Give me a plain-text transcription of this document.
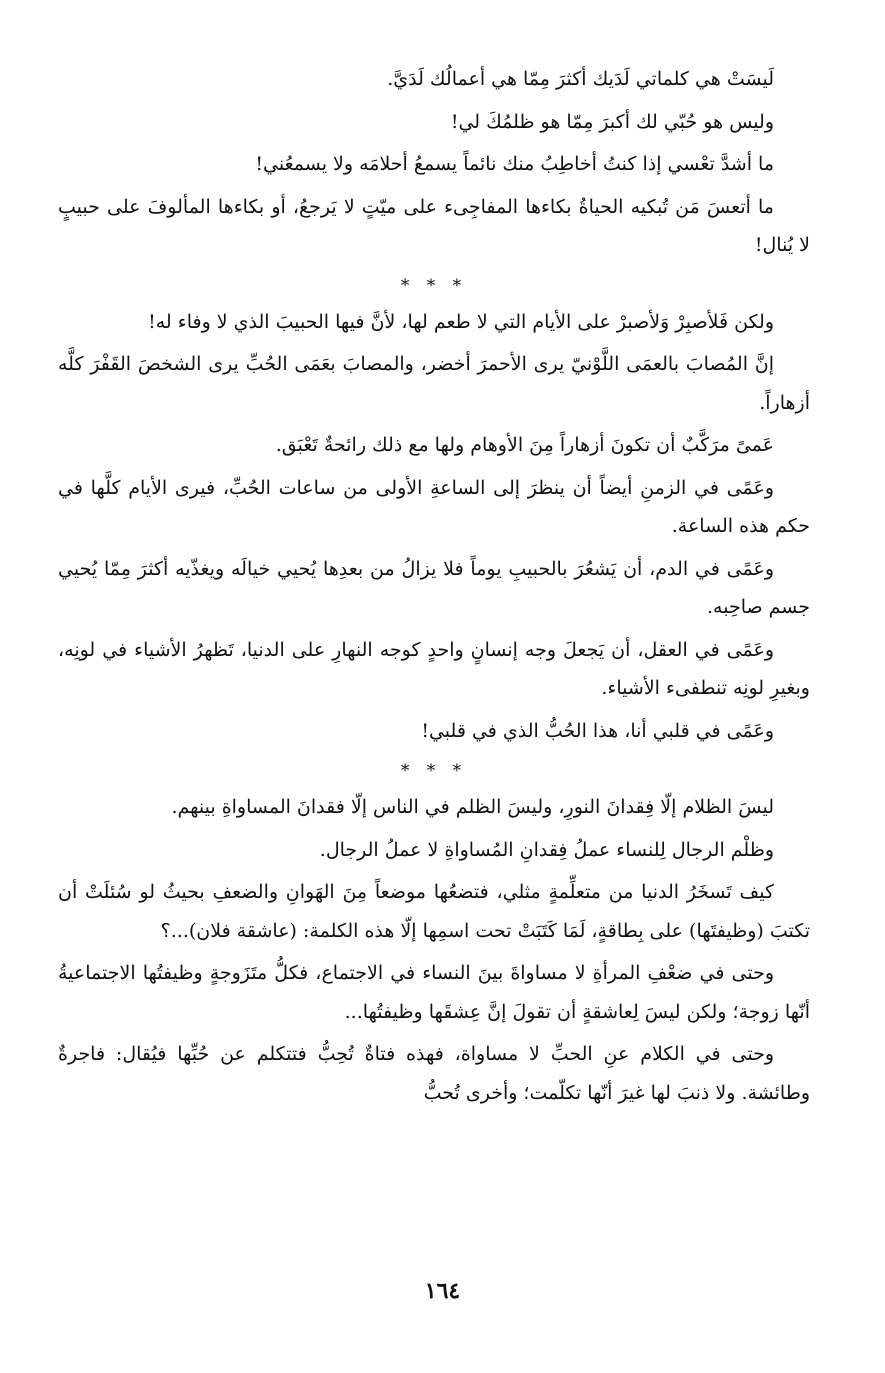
لَيسَتْ هي كلماتي لَدَيك أكثرَ مِمّا هي أعمالُك لَدَيَّ.

وليس هو حُبّي لك أكبرَ مِمّا هو ظلمُكَ لي!

ما أشدَّ تعْسي إذا كنتُ أخاطِبُ منك نائماً يسمعُ أحلامَه ولا يسمعُني!

ما أتعسَ مَن تُبكيه الحياةُ بكاءها المفاجِىء على ميّتٍ لا يَرجعُ، أو بكاءها المألوفَ على حبيبٍ لا يُنال!

* * *

ولكن فَلأصبِرْ وَلأصبرْ على الأيام التي لا طعم لها، لأنَّ فيها الحبيبَ الذي لا وفاء له!

إنَّ المُصابَ بالعمَى اللَّوْنيّ يرى الأحمرَ أخضر، والمصابَ بعَمَى الحُبِّ يرى الشخصَ القَفْرَ كلَّه أزهاراً.

عَمىً مرَكَّبٌ أن تكونَ أزهاراً مِنَ الأوهام ولها مع ذلك رائحةٌ تَعْبَق.

وعَمًى في الزمنِ أيضاً أن ينظرَ إلى الساعةِ الأولى من ساعات الحُبِّ، فيرى الأيام كلَّها في حكم هذه الساعة.

وعَمًى في الدم، أن يَشعُرَ بالحبيبِ يوماً فلا يزالُ من بعدِها يُحيي خيالَه ويغذّيه أكثرَ مِمّا يُحيي جسم صاحِبه.

وعَمًى في العقل، أن يَجعلَ وجه إنسانٍ واحدٍ كوجه النهارِ على الدنيا، تَظهرُ الأشياء في لونِه، وبغيرِ لونِه تنطفىء الأشياء.

وعَمًى في قلبي أنا، هذا الحُبُّ الذي في قلبي!

* * *

ليسَ الظلام إلّا فِقدانَ النورِ، وليسَ الظلم في الناس إلّا فقدانَ المساواةِ بينهم.

وظلْم الرجال لِلنساء عملُ فِقدانِ المُساواةِ لا عملُ الرجال.

كيف تَسخَرُ الدنيا من متعلِّمةٍ مثلي، فتضعُها موضعاً مِنَ الهَوانِ والضعفِ بحيثُ لو سُئلَتْ أن تكتبَ (وظيفتَها) على بِطاقةٍ، لَمَا كَتَبَتْ تحت اسمِها إلّا هذه الكلمة: (عاشقة فلان)...؟

وحتى في ضعْفِ المرأةِ لا مساواةَ بينَ النساء في الاجتماع، فكلُّ متَزَوجةٍ وظيفتُها الاجتماعيةُ أنّها زوجة؛ ولكن ليسَ لِعاشقةٍ أن تقولَ إنَّ عِشقَها وظيفتُها...

وحتى في الكلام عنِ الحبِّ لا مساواة، فهذه فتاةٌ تُحِبُّ فتتكلم عن حُبِّها فيُقال: فاجرةٌ وطائشة. ولا ذنبَ لها غيرَ أنّها تكلّمت؛ وأخرى تُحبُّ

١٦٤
